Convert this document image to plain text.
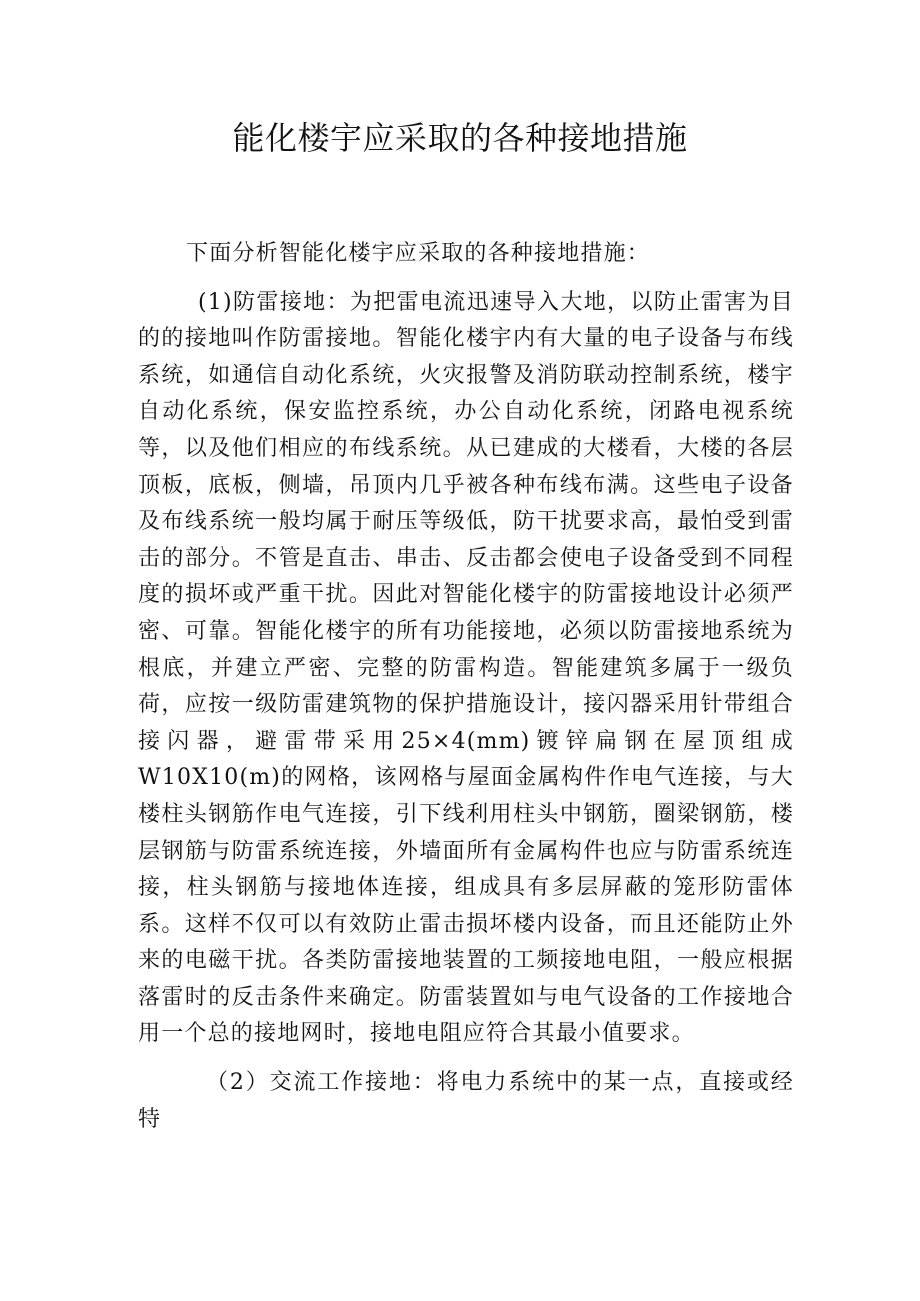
能化楼宇应采取的各种接地措施

下面分析智能化楼宇应采取的各种接地措施：

(1)防雷接地：为把雷电流迅速导入大地，以防止雷害为目的的接地叫作防雷接地。智能化楼宇内有大量的电子设备与布线系统，如通信自动化系统，火灾报警及消防联动控制系统，楼宇自动化系统，保安监控系统，办公自动化系统，闭路电视系统等，以及他们相应的布线系统。从已建成的大楼看，大楼的各层顶板，底板，侧墙，吊顶内几乎被各种布线布满。这些电子设备及布线系统一般均属于耐压等级低，防干扰要求高，最怕受到雷击的部分。不管是直击、串击、反击都会使电子设备受到不同程度的损坏或严重干扰。因此对智能化楼宇的防雷接地设计必须严密、可靠。智能化楼宇的所有功能接地，必须以防雷接地系统为根底，并建立严密、完整的防雷构造。智能建筑多属于一级负荷，应按一级防雷建筑物的保护措施设计，接闪器采用针带组合接闪器，避雷带采用25×4(mm)镀锌扁钢在屋顶组成W10X10(m)的网格，该网格与屋面金属构件作电气连接，与大楼柱头钢筋作电气连接，引下线利用柱头中钢筋，圈梁钢筋，楼层钢筋与防雷系统连接，外墙面所有金属构件也应与防雷系统连接，柱头钢筋与接地体连接，组成具有多层屏蔽的笼形防雷体系。这样不仅可以有效防止雷击损坏楼内设备，而且还能防止外来的电磁干扰。各类防雷接地装置的工频接地电阻，一般应根据落雷时的反击条件来确定。防雷装置如与电气设备的工作接地合用一个总的接地网时，接地电阻应符合其最小值要求。

（2）交流工作接地：将电力系统中的某一点，直接或经特
